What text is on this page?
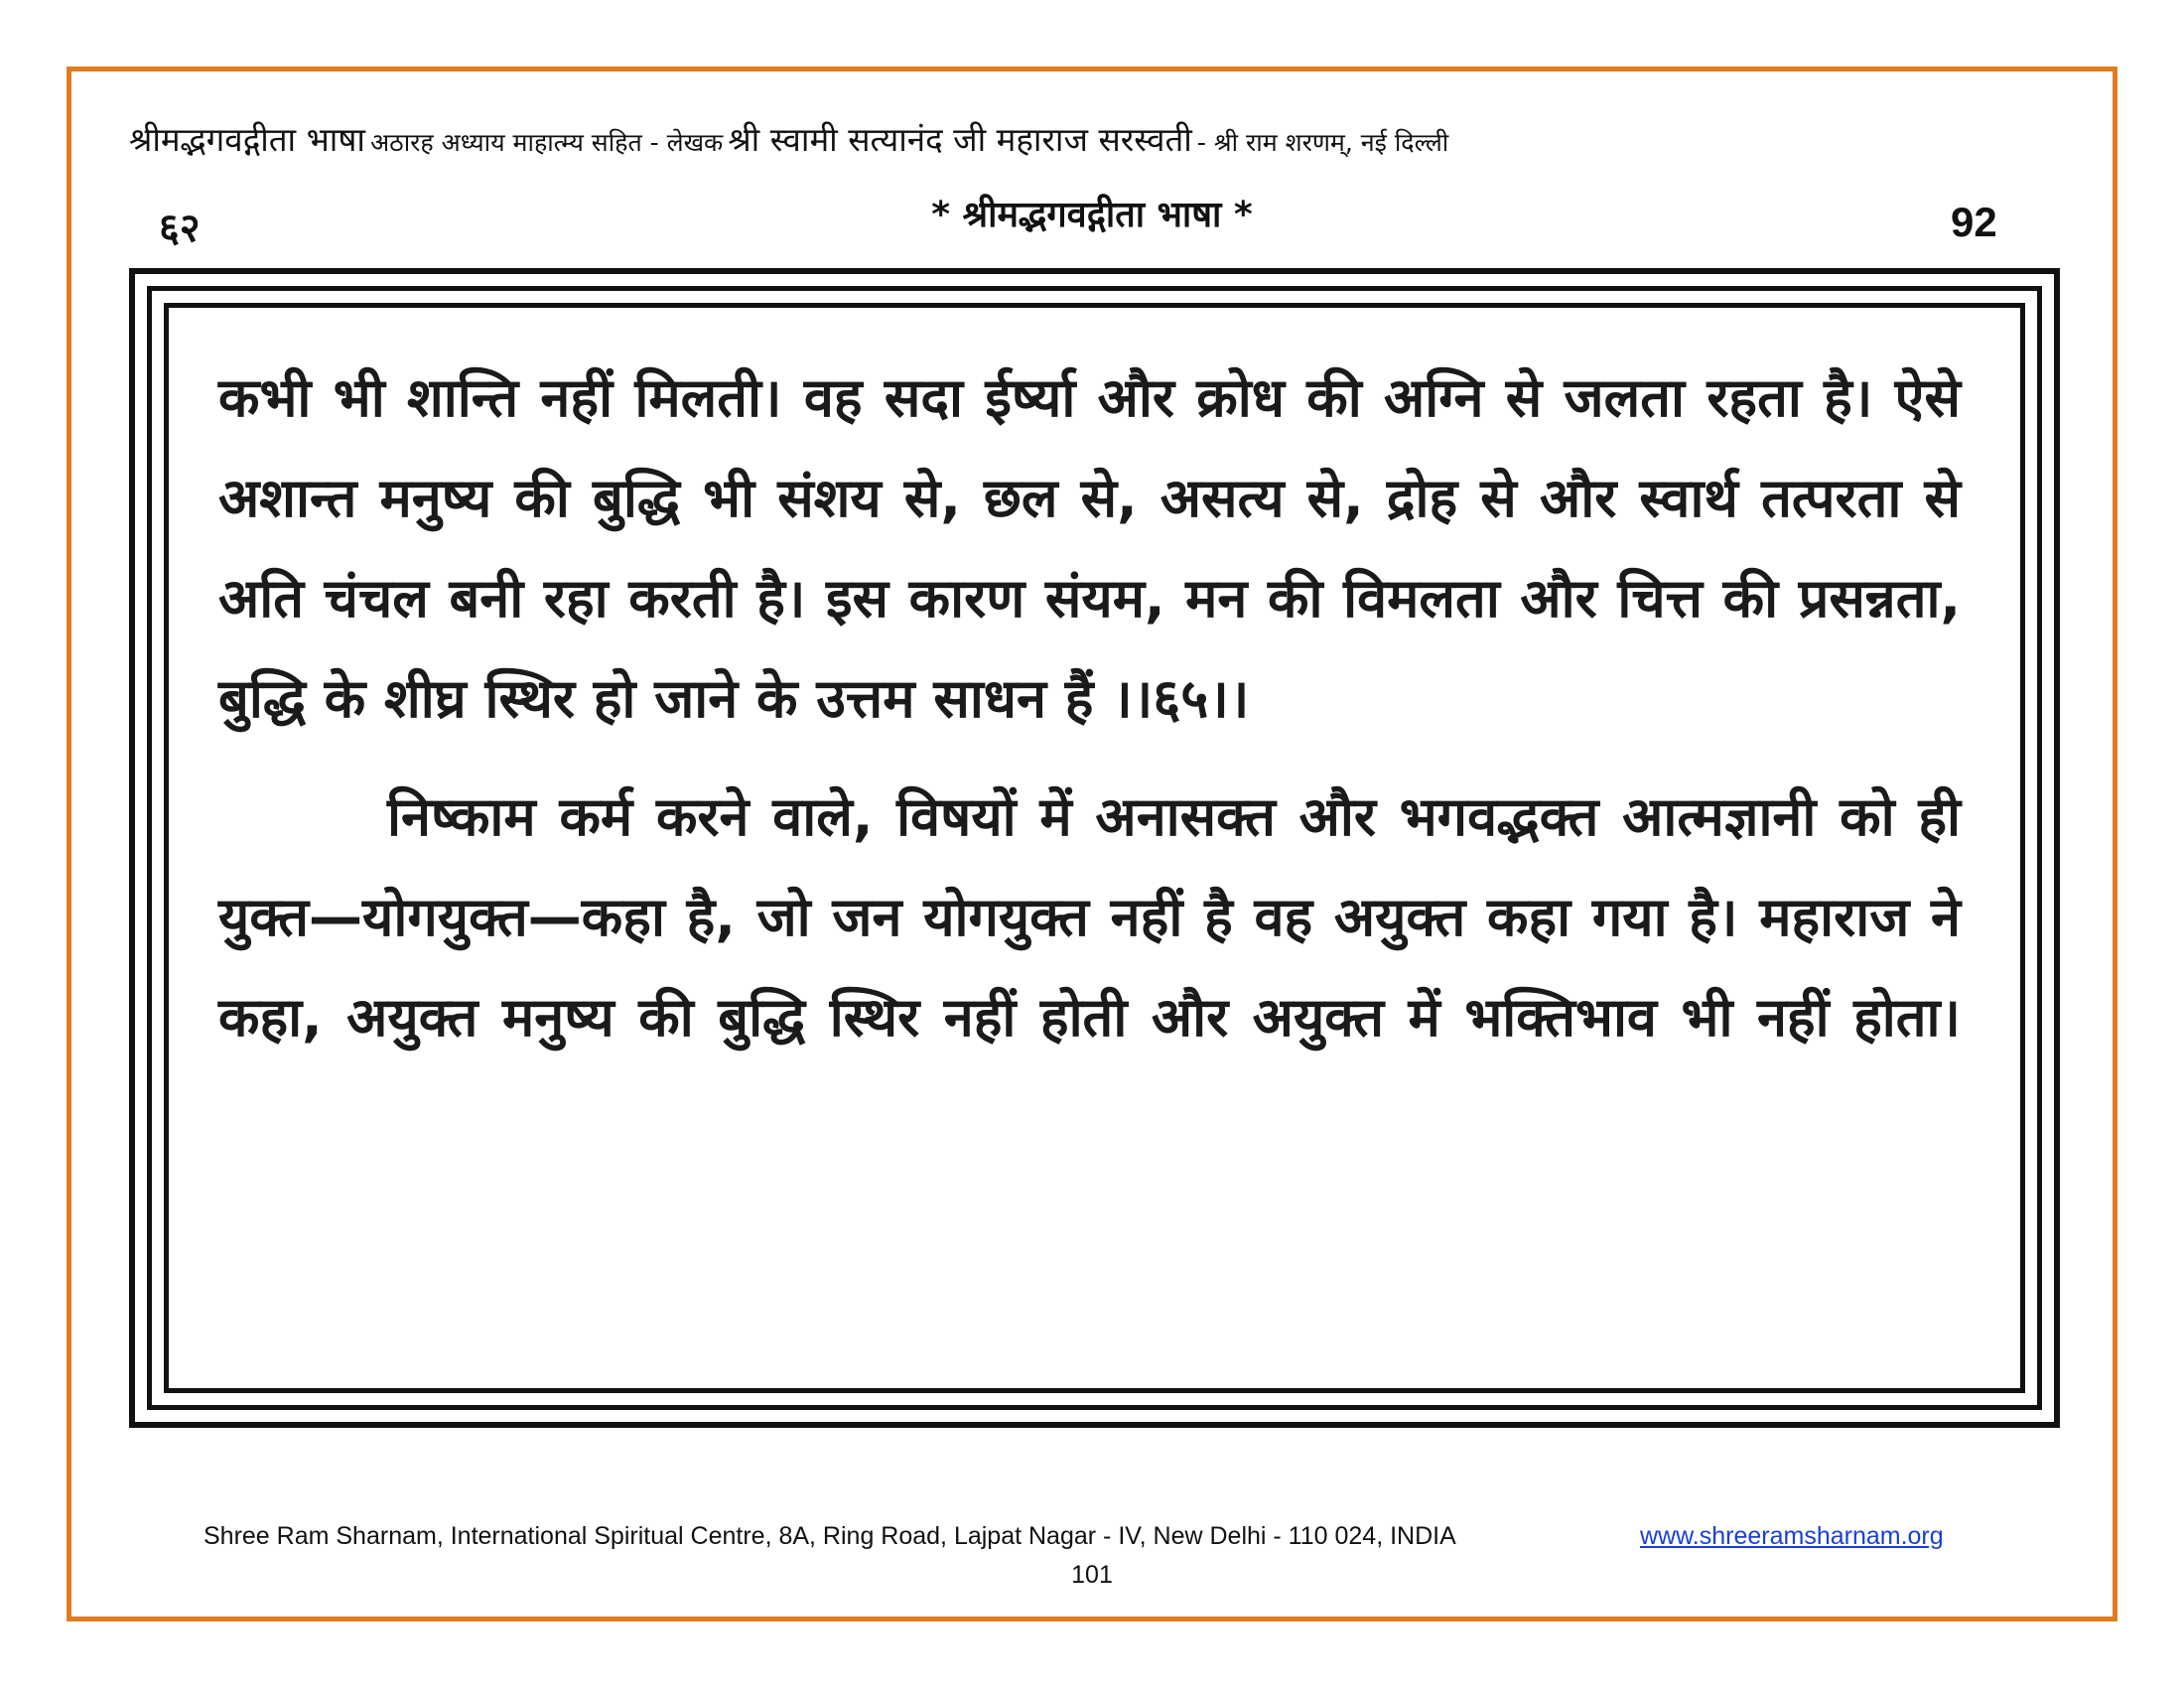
श्रीमद्भगवद्गीता भाषा अठारह अध्याय माहात्म्य सहित - लेखक श्री स्वामी सत्यानंद जी महाराज सरस्वती - श्री राम शरणम्, नई दिल्ली
६२	* श्रीमद्भगवद्गीता भाषा *	92

कभी भी शान्ति नहीं मिलती। वह सदा ईर्ष्या और क्रोध की अग्नि से जलता रहता है। ऐसे अशान्त मनुष्य की बुद्धि भी संशय से, छल से, असत्य से, द्रोह से और स्वार्थ तत्परता से अति चंचल बनी रहा करती है। इस कारण संयम, मन की विमलता और चित्त की प्रसन्नता, बुद्धि के शीघ्र स्थिर हो जाने के उत्तम साधन हैं ।।६५।।

निष्काम कर्म करने वाले, विषयों में अनासक्त और भगवद्भक्त आत्मज्ञानी को ही युक्त—योगयुक्त—कहा है, जो जन योगयुक्त नहीं है वह अयुक्त कहा गया है। महाराज ने कहा, अयुक्त मनुष्य की बुद्धि स्थिर नहीं होती और अयुक्त में भक्तिभाव भी नहीं होता।

Shree Ram Sharnam, International Spiritual Centre, 8A, Ring Road, Lajpat Nagar - IV, New Delhi - 110 024, INDIA	www.shreeramsharnam.org
101
